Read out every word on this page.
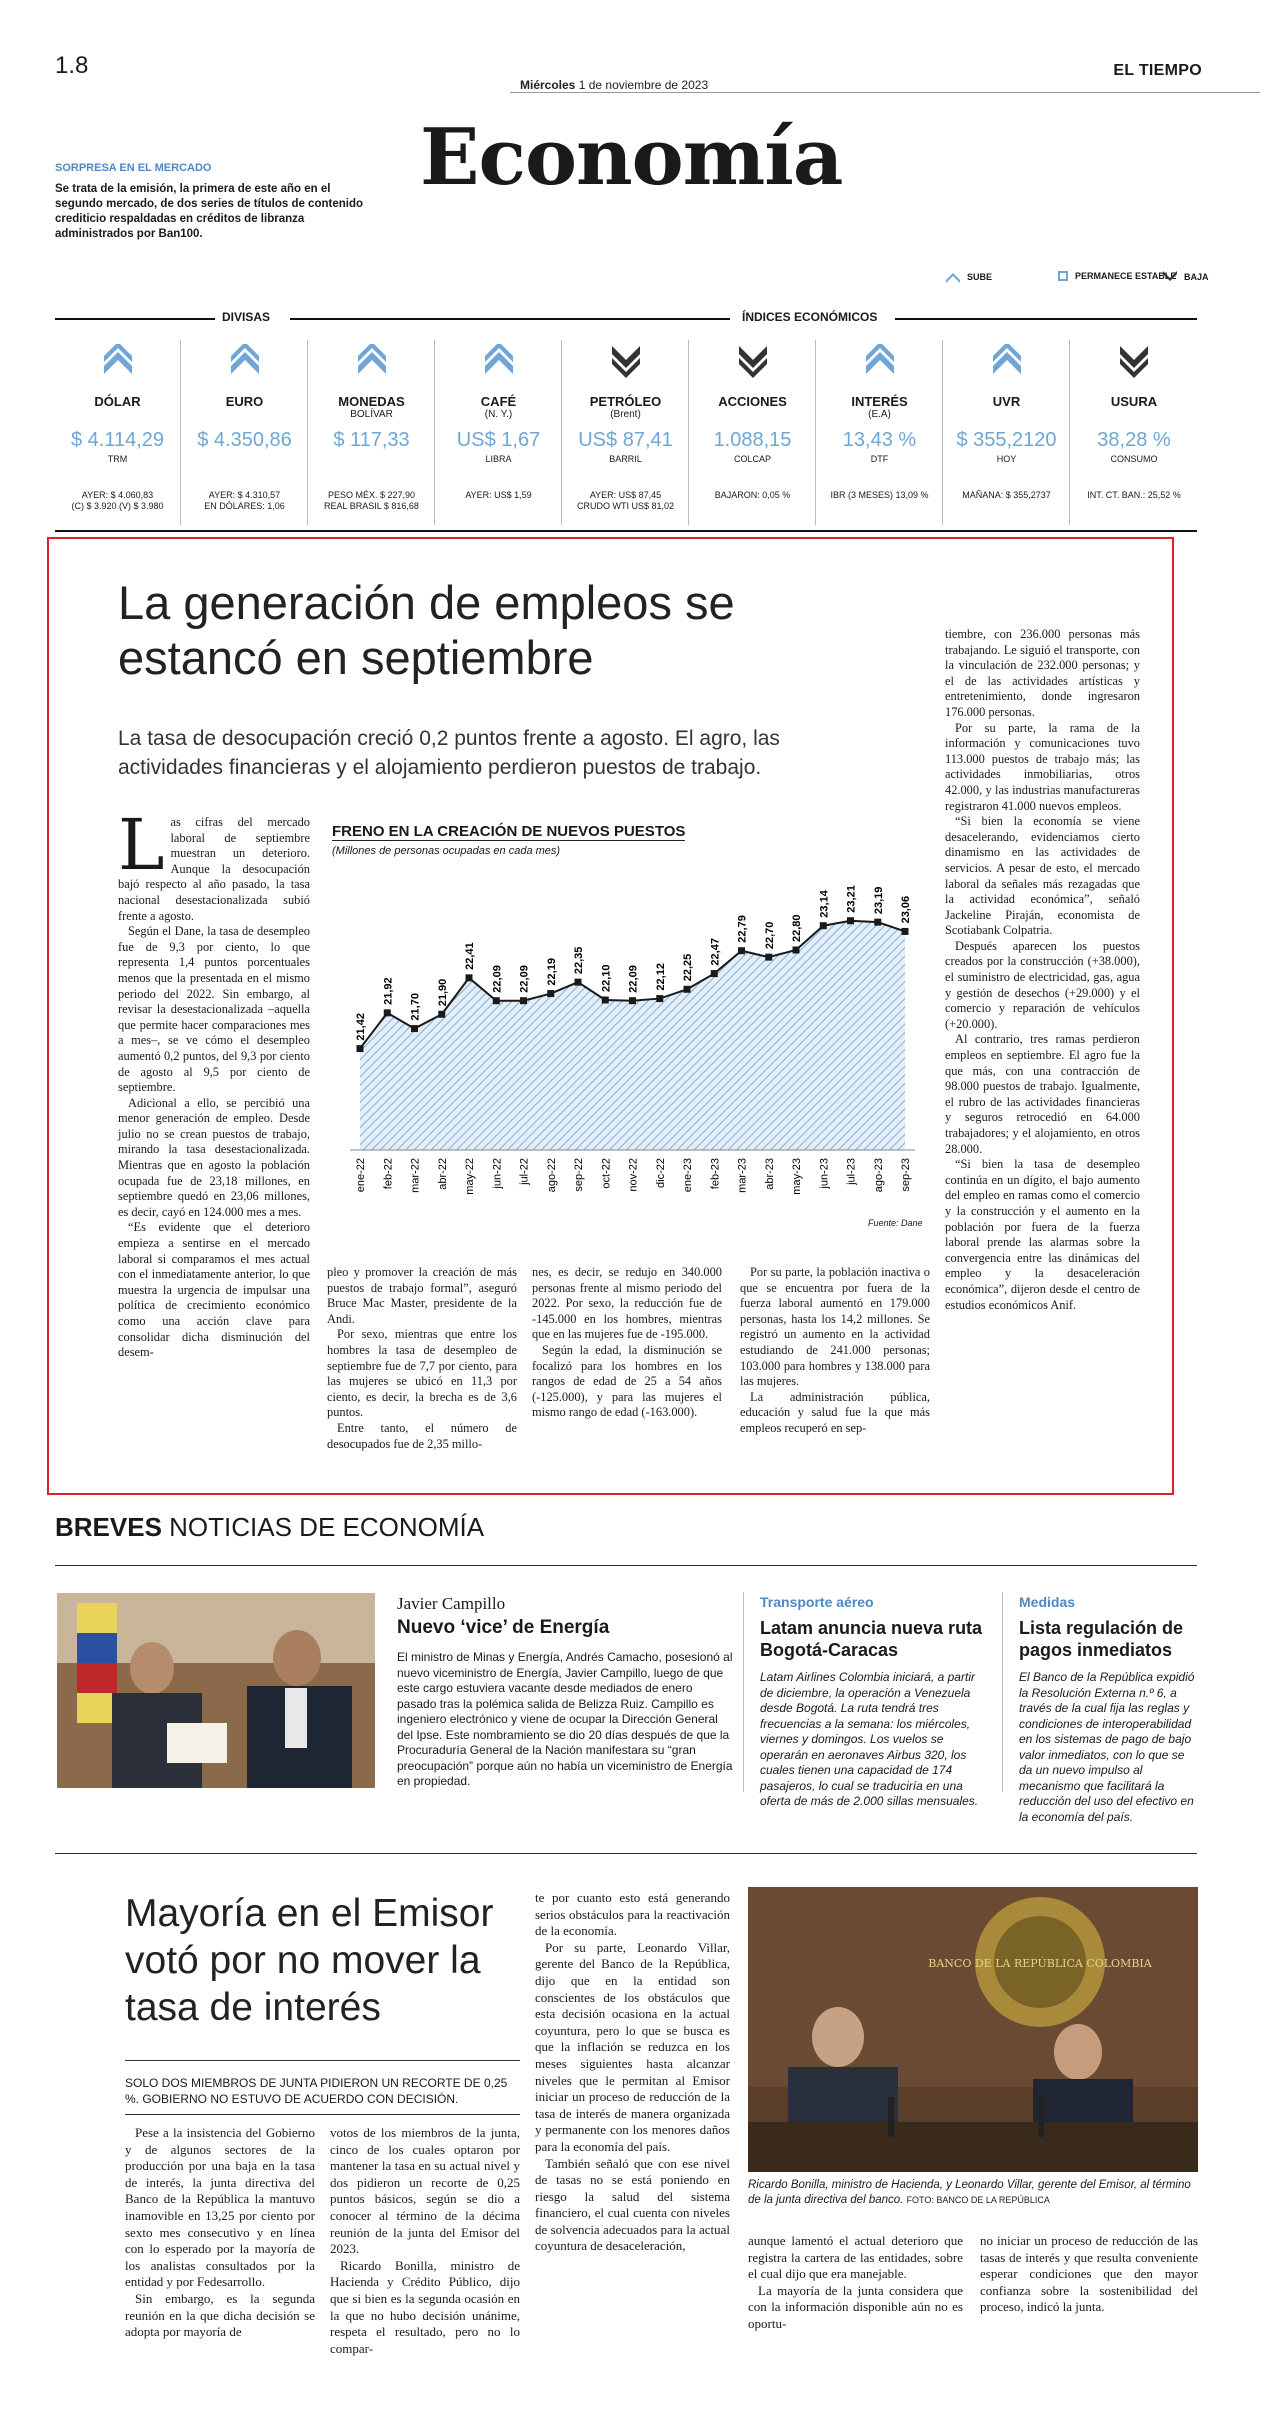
1.8
Miércoles 1 de noviembre de 2023
EL TIEMPO
Economía
SORPRESA EN EL MERCADO
Se trata de la emisión, la primera de este año en el segundo mercado, de dos series de títulos de contenido crediticio respaldadas en créditos de libranza administrados por Ban100.
SUBE	PERMANECE ESTABLE BAJA
DIVISAS	ÍNDICES ECONÓMICOS
DÓLAR
$ 4.114,29
TRM
AYER: $ 4.060,83
(C) $ 3.920 (V) $ 3.980
EURO
$ 4.350,86
AYER: $ 4.310,57
EN DÓLARES: 1,06
MONEDAS
BOLÍVAR
$ 117,33
PESO MÉX. $ 227,90
REAL BRASIL $ 816,68
CAFÉ
(N. Y.)
US$ 1,67
LIBRA
AYER: US$ 1,59
PETRÓLEO
(Brent)
US$ 87,41
BARRIL
AYER: US$ 87,45
CRUDO WTI US$ 81,02
ACCIONES
1.088,15
COLCAP
BAJARON: 0,05 %
INTERÉS
(E.A)
13,43 %
DTF
IBR (3 MESES) 13,09 %
UVR
$ 355,2120
HOY
MAÑANA: $ 355,2737
USURA
38,28 %
CONSUMO
INT. CT. BAN.: 25,52 %
La generación de empleos se estancó en septiembre
La tasa de desocupación creció 0,2 puntos frente a agosto. El agro, las actividades financieras y el alojamiento perdieron puestos de trabajo.

Las cifras del mercado laboral de septiembre muestran un deterioro. Aunque la desocupación bajó respecto al año pasado, la tasa nacional desestacionalizada subió frente a agosto.

Según el Dane, la tasa de desempleo fue de 9,3 por ciento, lo que representa 1,4 puntos porcentuales menos que la presentada en el mismo periodo del 2022. Sin embargo, al revisar la desestacionalizada –aquella que permite hacer comparaciones mes a mes–, se ve cómo el desempleo aumentó 0,2 puntos, del 9,3 por ciento de agosto al 9,5 por ciento de septiembre.

Adicional a ello, se percibió una menor generación de empleo. Desde julio no se crean puestos de trabajo, mirando la tasa desestacionalizada. Mientras que en agosto la población ocupada fue de 23,18 millones, en septiembre quedó en 23,06 millones, es decir, cayó en 124.000 mes a mes.

“Es evidente que el deterioro empieza a sentirse en el mercado laboral si comparamos el mes actual con el inmediatamente anterior, lo que muestra la urgencia de impulsar una política de crecimiento económico como una acción clave para consolidar dicha disminución del desem-

FRENO EN LA CREACIÓN DE NUEVOS PUESTOS
(Millones de personas ocupadas en cada mes)
21,42
ene-22
21,92
feb-22
21,70
mar-22
21,90
abr-22
22,41
may-22
22,09
jun-22
22,09
jul-22
22,19
ago-22
22,35
sep-22
22,10
oct-22
22,09
nov-22
22,12
dic-22
22,25
ene-23
22,47
feb-23
22,79
mar-23
22,70
abr-23
22,80
may-23
23,14
jun-23
23,21
jul-23
23,19
ago-23
23,06
sep-23
Fuente: Dane

pleo y promover la creación de más puestos de trabajo formal”, aseguró Bruce Mac Master, presidente de la Andi.

Por sexo, mientras que entre los hombres la tasa de desempleo de septiembre fue de 7,7 por ciento, para las mujeres se ubicó en 11,3 por ciento, es decir, la brecha es de 3,6 puntos.

Entre tanto, el número de desocupados fue de 2,35 millo-

nes, es decir, se redujo en 340.000 personas frente al mismo periodo del 2022. Por sexo, la reducción fue de -145.000 en los hombres, mientras que en las mujeres fue de -195.000.

Según la edad, la disminución se focalizó para los hombres en los rangos de edad de 25 a 54 años (-125.000), y para las mujeres el mismo rango de edad (-163.000).

Por su parte, la población inactiva o que se encuentra por fuera de la fuerza laboral aumentó en 179.000 personas, hasta los 14,2 millones. Se registró un aumento en la actividad estudiando de 241.000 personas; 103.000 para hombres y 138.000 para las mujeres.

La administración pública, educación y salud fue la que más empleos recuperó en sep-

tiembre, con 236.000 personas más trabajando. Le siguió el transporte, con la vinculación de 232.000 personas; y el de las actividades artísticas y entretenimiento, donde ingresaron 176.000 personas.

Por su parte, la rama de la información y comunicaciones tuvo 113.000 puestos de trabajo más; las actividades inmobiliarias, otros 42.000, y las industrias manufactureras registraron 41.000 nuevos empleos.

“Si bien la economía se viene desacelerando, evidenciamos cierto dinamismo en las actividades de servicios. A pesar de esto, el mercado laboral da señales más rezagadas que la actividad económica”, señaló Jackeline Piraján, economista de Scotiabank Colpatria.

Después aparecen los puestos creados por la construcción (+38.000), el suministro de electricidad, gas, agua y gestión de desechos (+29.000) y el comercio y reparación de vehículos (+20.000).

Al contrario, tres ramas perdieron empleos en septiembre. El agro fue la que más, con una contracción de 98.000 puestos de trabajo. Igualmente, el rubro de las actividades financieras y seguros retrocedió en 64.000 trabajadores; y el alojamiento, en otros 28.000.

“Si bien la tasa de desempleo continúa en un dígito, el bajo aumento del empleo en ramas como el comercio y la construcción y el aumento en la población por fuera de la fuerza laboral prende las alarmas sobre la convergencia entre las dinámicas del empleo y la desaceleración económica”, dijeron desde el centro de estudios económicos Anif.

BREVES NOTICIAS DE ECONOMÍA
Javier Campillo
Nuevo ‘vice’ de Energía
El ministro de Minas y Energía, Andrés Camacho, posesionó al nuevo viceministro de Energía, Javier Campillo, luego de que este cargo estuviera vacante desde mediados de enero pasado tras la polémica salida de Belizza Ruiz. Campillo es ingeniero electrónico y viene de ocupar la Dirección General del Ipse. Este nombramiento se dio 20 días después de que la Procuraduría General de la Nación manifestara su “gran preocupación” porque aún no había un viceministro de Energía en propiedad.
Transporte aéreo
Latam anuncia nueva ruta Bogotá-Caracas
Latam Airlines Colombia iniciará, a partir de diciembre, la operación a Venezuela desde Bogotá. La ruta tendrá tres frecuencias a la semana: los miércoles, viernes y domingos. Los vuelos se operarán en aeronaves Airbus 320, los cuales tienen una capacidad de 174 pasajeros, lo cual se traduciría en una oferta de más de 2.000 sillas mensuales.
Medidas
Lista regulación de pagos inmediatos
El Banco de la República expidió la Resolución Externa n.º 6, a través de la cual fija las reglas y condiciones de interoperabilidad en los sistemas de pago de bajo valor inmediatos, con lo que se da un nuevo impulso al mecanismo que facilitará la reducción del uso del efectivo en la economía del país.
Mayoría en el Emisor votó por no mover la tasa de interés
SOLO DOS MIEMBROS DE JUNTA PIDIERON UN RECORTE DE 0,25 %. GOBIERNO NO ESTUVO DE ACUERDO CON DECISIÓN.

Pese a la insistencia del Gobierno y de algunos sectores de la producción por una baja en la tasa de interés, la junta directiva del Banco de la República la mantuvo inamovible en 13,25 por ciento por sexto mes consecutivo y en línea con lo esperado por la mayoría de los analistas consultados por la entidad y por Fedesarrollo.

Sin embargo, es la segunda reunión en la que dicha decisión se adopta por mayoría de

votos de los miembros de la junta, cinco de los cuales optaron por mantener la tasa en su actual nivel y dos pidieron un recorte de 0,25 puntos básicos, según se dio a conocer al término de la décima reunión de la junta del Emisor del 2023.

Ricardo Bonilla, ministro de Hacienda y Crédito Público, dijo que si bien es la segunda ocasión en la que no hubo decisión unánime, respeta el resultado, pero no lo compar-

te por cuanto esto está generando serios obstáculos para la reactivación de la economía.

Por su parte, Leonardo Villar, gerente del Banco de la República, dijo que en la entidad son conscientes de los obstáculos que esta decisión ocasiona en la actual coyuntura, pero lo que se busca es que la inflación se reduzca en los meses siguientes hasta alcanzar niveles que le permitan al Emisor iniciar un proceso de reducción de la tasa de interés de manera organizada y permanente con los menores daños para la economía del país.

También señaló que con ese nivel de tasas no se está poniendo en riesgo la salud del sistema financiero, el cual cuenta con niveles de solvencia adecuados para la actual coyuntura de desaceleración,

BANCO DE LA REPÚBLICA COLOMBIA
Ricardo Bonilla, ministro de Hacienda, y Leonardo Villar, gerente del Emisor, al término de la junta directiva del banco. FOTO: BANCO DE LA REPÚBLICA

aunque lamentó el actual deterioro que registra la cartera de las entidades, sobre el cual dijo que era manejable.

La mayoría de la junta considera que con la información disponible aún no es oportu-

no iniciar un proceso de reducción de las tasas de interés y que resulta conveniente esperar condiciones que den mayor confianza sobre la sostenibilidad del proceso, indicó la junta.
